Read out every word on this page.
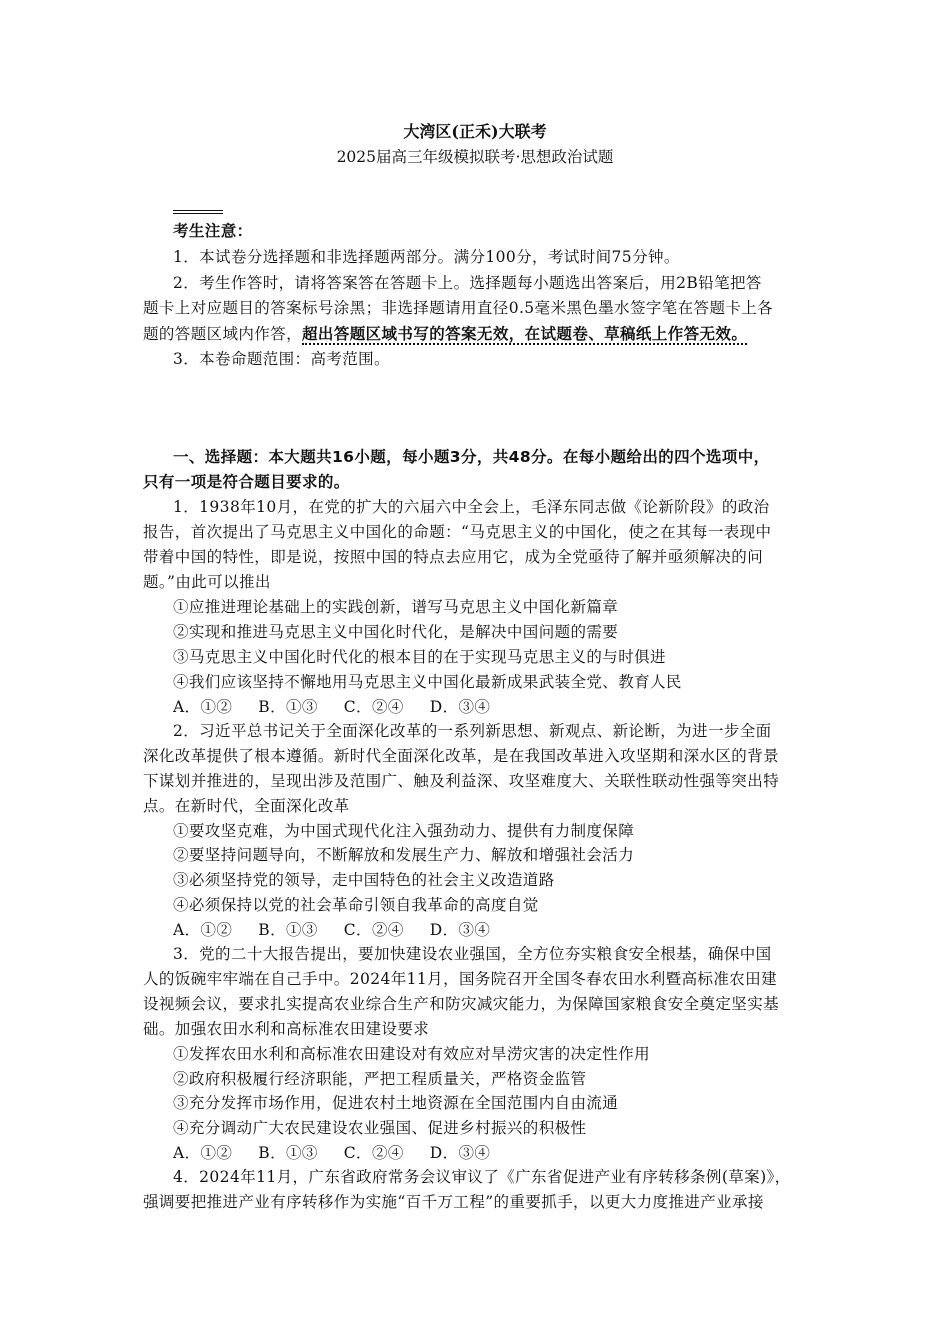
大湾区(正禾)大联考
2025届高三年级模拟联考·思想政治试题
考生注意：
1．本试卷分选择题和非选择题两部分。满分100分，考试时间75分钟。
2．考生作答时，请将答案答在答题卡上。选择题每小题选出答案后，用2B铅笔把答
题卡上对应题目的答案标号涂黑；非选择题请用直径0.5毫米黑色墨水签字笔在答题卡上各
题的答题区域内作答，超出答题区域书写的答案无效，在试题卷、草稿纸上作答无效。
3．本卷命题范围：高考范围。
一、选择题：本大题共16小题，每小题3分，共48分。在每小题给出的四个选项中，
只有一项是符合题目要求的。
1．1938年10月，在党的扩大的六届六中全会上，毛泽东同志做《论新阶段》的政治
报告，首次提出了马克思主义中国化的命题：“马克思主义的中国化，使之在其每一表现中
带着中国的特性，即是说，按照中国的特点去应用它，成为全党亟待了解并亟须解决的问
题。”由此可以推出
①应推进理论基础上的实践创新，谱写马克思主义中国化新篇章
②实现和推进马克思主义中国化时代化，是解决中国问题的需要
③马克思主义中国化时代化的根本目的在于实现马克思主义的与时俱进
④我们应该坚持不懈地用马克思主义中国化最新成果武装全党、教育人民
A．①② B．①③ C．②④ D．③④
2．习近平总书记关于全面深化改革的一系列新思想、新观点、新论断，为进一步全面
深化改革提供了根本遵循。新时代全面深化改革，是在我国改革进入攻坚期和深水区的背景
下谋划并推进的，呈现出涉及范围广、触及利益深、攻坚难度大、关联性联动性强等突出特
点。在新时代，全面深化改革
①要攻坚克难，为中国式现代化注入强劲动力、提供有力制度保障
②要坚持问题导向，不断解放和发展生产力、解放和增强社会活力
③必须坚持党的领导，走中国特色的社会主义改造道路
④必须保持以党的社会革命引领自我革命的高度自觉
A．①② B．①③ C．②④ D．③④
3．党的二十大报告提出，要加快建设农业强国，全方位夯实粮食安全根基，确保中国
人的饭碗牢牢端在自己手中。2024年11月，国务院召开全国冬春农田水利暨高标准农田建
设视频会议，要求扎实提高农业综合生产和防灾减灾能力，为保障国家粮食安全奠定坚实基
础。加强农田水利和高标准农田建设要求
①发挥农田水利和高标准农田建设对有效应对旱涝灾害的决定性作用
②政府积极履行经济职能，严把工程质量关，严格资金监管
③充分发挥市场作用，促进农村土地资源在全国范围内自由流通
④充分调动广大农民建设农业强国、促进乡村振兴的积极性
A．①② B．①③ C．②④ D．③④
4．2024年11月，广东省政府常务会议审议了《广东省促进产业有序转移条例(草案)》，
强调要把推进产业有序转移作为实施“百千万工程”的重要抓手，以更大力度推进产业承接
